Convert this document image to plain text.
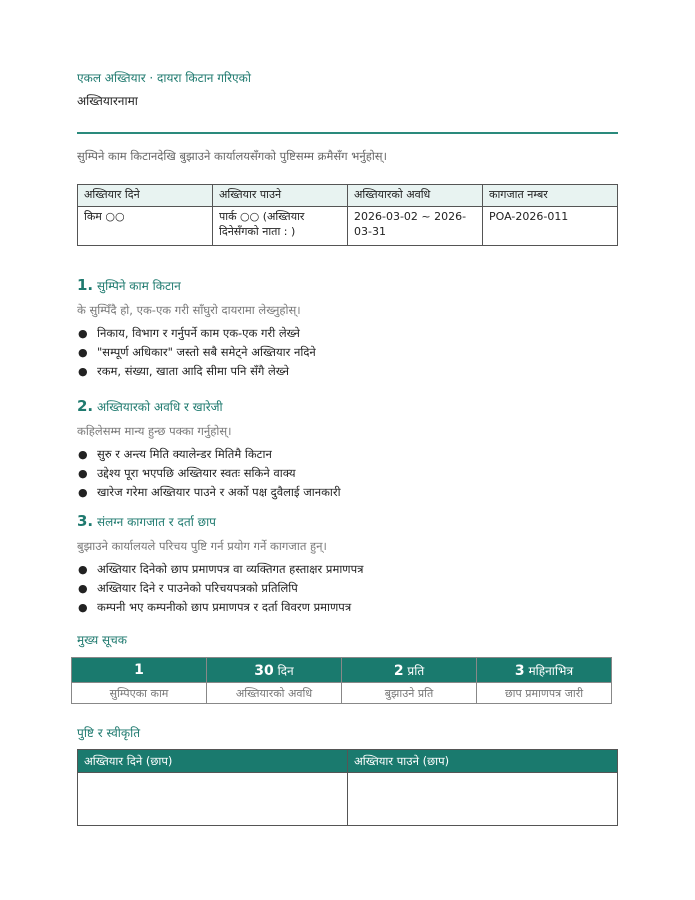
एकल अख्तियार · दायरा किटान गरिएको
अख्तियारनामा
सुम्पिने काम किटानदेखि बुझाउने कार्यालयसँगको पुष्टिसम्म क्रमैसँग भर्नुहोस्।
अख्तियार दिने	अख्तियार पाउने	अख्तियारको अवधि	कागजात नम्बर
किम ○○	पार्क ○○ (अख्तियार दिनेसँगको नाता : )	2026-03-02 ~ 2026-03-31	POA-2026-011
1. सुम्पिने काम किटान
के सुम्पिँदै हो, एक-एक गरी साँघुरो दायरामा लेख्नुहोस्।
● निकाय, विभाग र गर्नुपर्ने काम एक-एक गरी लेख्ने
● "सम्पूर्ण अधिकार" जस्तो सबै समेट्ने अख्तियार नदिने
● रकम, संख्या, खाता आदि सीमा पनि सँगै लेख्ने
2. अख्तियारको अवधि र खारेजी
कहिलेसम्म मान्य हुन्छ पक्का गर्नुहोस्।
● सुरु र अन्त्य मिति क्यालेन्डर मितिमै किटान
● उद्देश्य पूरा भएपछि अख्तियार स्वतः सकिने वाक्य
● खारेज गरेमा अख्तियार पाउने र अर्को पक्ष दुवैलाई जानकारी
3. संलग्न कागजात र दर्ता छाप
बुझाउने कार्यालयले परिचय पुष्टि गर्न प्रयोग गर्ने कागजात हुन्।
● अख्तियार दिनेको छाप प्रमाणपत्र वा व्यक्तिगत हस्ताक्षर प्रमाणपत्र
● अख्तियार दिने र पाउनेको परिचयपत्रको प्रतिलिपि
● कम्पनी भए कम्पनीको छाप प्रमाणपत्र र दर्ता विवरण प्रमाणपत्र
मुख्य सूचक
1	30 दिन	2 प्रति	3 महिनाभित्र
सुम्पिएका काम	अख्तियारको अवधि	बुझाउने प्रति	छाप प्रमाणपत्र जारी
पुष्टि र स्वीकृति
अख्तियार दिने (छाप)	अख्तियार पाउने (छाप)
